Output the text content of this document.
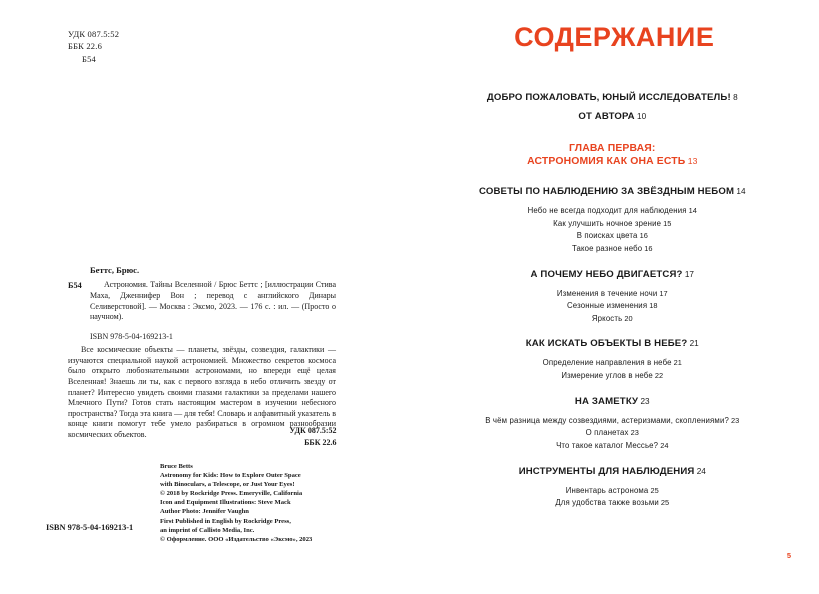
УДК 087.5:52
ББК 22.6
Б54
Беттс, Брюс.
Б54	Астрономия. Тайны Вселенной / Брюс Беттс ; [иллюстрации Стива Маха, Дженнифер Вон ; перевод с английского Динары Селиверстовой]. — Москва : Эксмо, 2023. — 176 с. : ил. — (Просто о научном).
ISBN 978-5-04-169213-1
Все космические объекты — планеты, звёзды, созвездия, галактики — изучаются специальной наукой астрономией. Множество секретов космоса было открыто любознательными астрономами, но впереди ещё целая Вселенная! Знаешь ли ты, как с первого взгляда в небо отличить звезду от планет? Интересно увидеть своими глазами галактики за пределами нашего Млечного Пути? Готов стать настоящим мастером в изучении небесного пространства? Тогда эта книга — для тебя! Словарь и алфавитный указатель в конце книги помогут тебе умело разбираться в огромном разнообразии космических объектов.	УДК 087.5:52
ББК 22.6
Bruce Betts
Astronomy for Kids: How to Explore Outer Space
with Binoculars, a Telescope, or Just Your Eyes!
© 2018 by Rockridge Press. Emeryville, California
Icon and Equipment Illustrations: Steve Mack
Author Photo: Jennifer Vaughn
First Published in English by Rockridge Press,
an imprint of Callisto Media, Inc.
© Оформление. ООО «Издательство «Эксмо», 2023
ISBN 978-5-04-169213-1
СОДЕРЖАНИЕ
ДОБРО ПОЖАЛОВАТЬ, ЮНЫЙ ИССЛЕДОВАТЕЛЬ! 8
ОТ АВТОРА 10
ГЛАВА ПЕРВАЯ:
АСТРОНОМИЯ КАК ОНА ЕСТЬ 13
СОВЕТЫ ПО НАБЛЮДЕНИЮ ЗА ЗВЁЗДНЫМ НЕБОМ 14
Небо не всегда подходит для наблюдения 14
Как улучшить ночное зрение 15
В поисках цвета 16
Такое разное небо 16
А ПОЧЕМУ НЕБО ДВИГАЕТСЯ? 17
Изменения в течение ночи 17
Сезонные изменения 18
Яркость 20
КАК ИСКАТЬ ОБЪЕКТЫ В НЕБЕ? 21
Определение направления в небе 21
Измерение углов в небе 22
НА ЗАМЕТКУ 23
В чём разница между созвездиями, астеризмами, скоплениями? 23
О планетах 23
Что такое каталог Мессье? 24
ИНСТРУМЕНТЫ ДЛЯ НАБЛЮДЕНИЯ 24
Инвентарь астронома 25
Для удобства также возьми 25
5
